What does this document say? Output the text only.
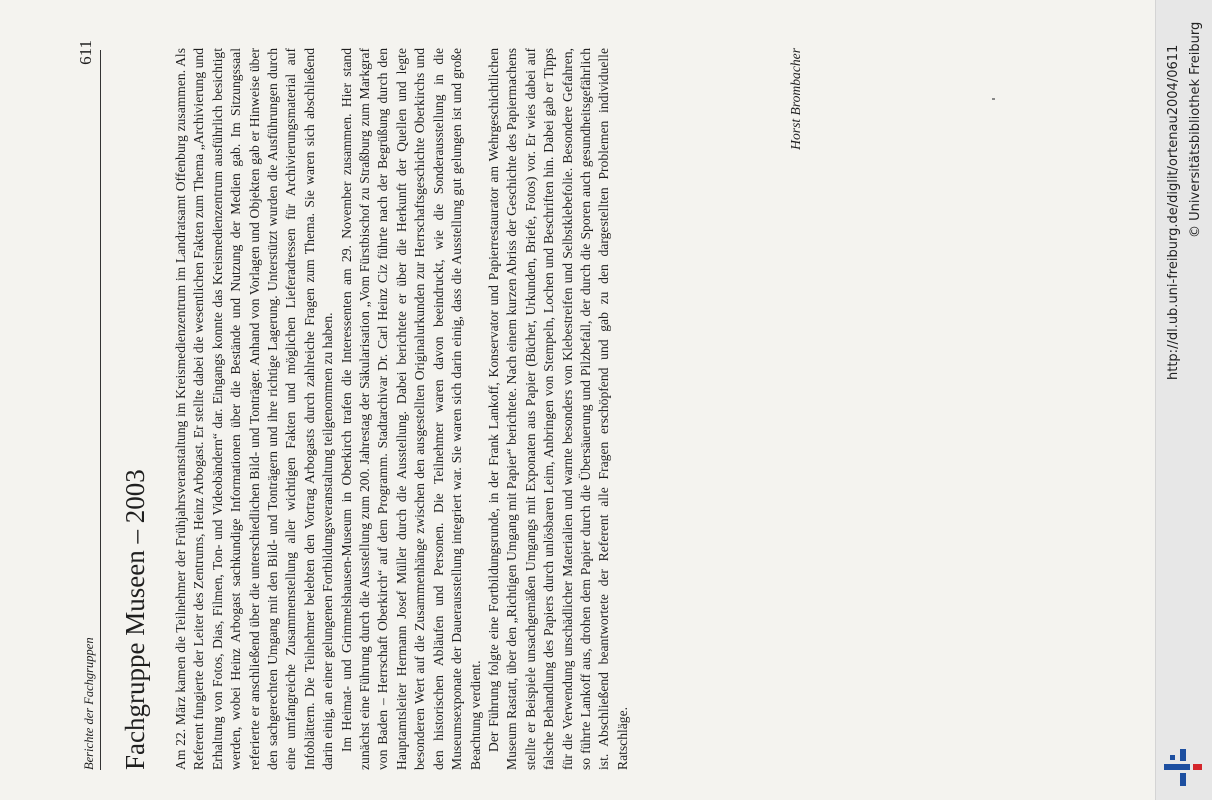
Berichte der Fachgruppen
611
Fachgruppe Museen – 2003 Am 22. März kamen die Teilnehmer der Frühjahrsveranstaltung im Kreismedienzentrum im Landratsamt Offenburg zusammen. Als Referent fungierte der Leiter des Zentrums, Heinz Arbogast. Er stellte dabei die wesentlichen Fakten zum Thema „Archivierung und Erhaltung von Fotos, Dias, Filmen, Ton- und Videobändern“ dar. Eingangs konnte das Kreismedienzentrum ausführlich besichtigt werden, wobei Heinz Arbogast sachkundige Informationen über die Bestände und Nutzung der Medien gab. Im Sitzungssaal referierte er anschließend über die unterschiedlichen Bild- und Tonträger. Anhand von Vorlagen und Objekten gab er Hinweise über den sachgerechten Umgang mit den Bild- und Tonträgern und ihre richtige Lagerung. Unterstützt wurden die Ausführungen durch eine umfangreiche Zusammenstellung aller wichtigen Fakten und möglichen Lieferadressen für Archivierungsmaterial auf Infoblättern. Die Teilnehmer belebten den Vortrag Arbogasts durch zahlreiche Fragen zum Thema. Sie waren sich abschließend darin einig, an einer gelungenen Fortbildungsveranstaltung teilgenommen zu haben. Im Heimat- und Grimmelshausen-Museum in Oberkirch trafen die Interessenten am 29. November zusammen. Hier stand zunächst eine Führung durch die Ausstellung zum 200. Jahrestag der Säkularisation „Vom Fürstbischof zu Straßburg zum Markgraf von Baden – Herrschaft Oberkirch“ auf dem Programm. Stadtarchivar Dr. Carl Heinz Ciz führte nach der Begrüßung durch den Hauptamtsleiter Hermann Josef Müller durch die Ausstellung. Dabei berichtete er über die Herkunft der Quellen und legte besonderen Wert auf die Zusammenhänge zwischen den ausgestellten Originalurkunden zur Herrschaftsgeschichte Oberkirchs und den historischen Abläufen und Personen. Die Teilnehmer waren davon beeindruckt, wie die Sonderausstellung in die Museumsexponate der Dauerausstellung integriert war. Sie waren sich darin einig, dass die Ausstellung gut gelungen ist und große Beachtung verdient. Der Führung folgte eine Fortbildungsrunde, in der Frank Lankoff, Konservator und Papierrestaurator am Wehrgeschichtlichen Museum Rastatt, über den „Richtigen Umgang mit Papier“ berichtete. Nach einem kurzen Abriss der Geschichte des Papiermachens stellte er Beispiele unsachgemäßen Umgangs mit Exponaten aus Papier (Bücher, Urkunden, Briefe, Fotos) vor. Er wies dabei auf falsche Behandlung des Papiers durch unlösbaren Leim, Anbringen von Stempeln, Lochen und Beschriften hin. Dabei gab er Tipps für die Verwendung unschädlicher Materialien und warnte besonders von Klebestreifen und Selbstklebefolie. Besondere Gefahren, so führte Lankoff aus, drohen dem Papier durch die Übersäuerung und Pilzbefall, der durch die Sporen auch gesundheitsgefährlich ist. Abschließend beantwortete der Referent alle Fragen erschöpfend und gab zu den dargestellten Problemen individuelle Ratschläge.

Horst Brombacher	http://dl.ub.uni-freiburg.de/diglit/ortenau2004/0611 © Universitätsbibliothek Freiburg
